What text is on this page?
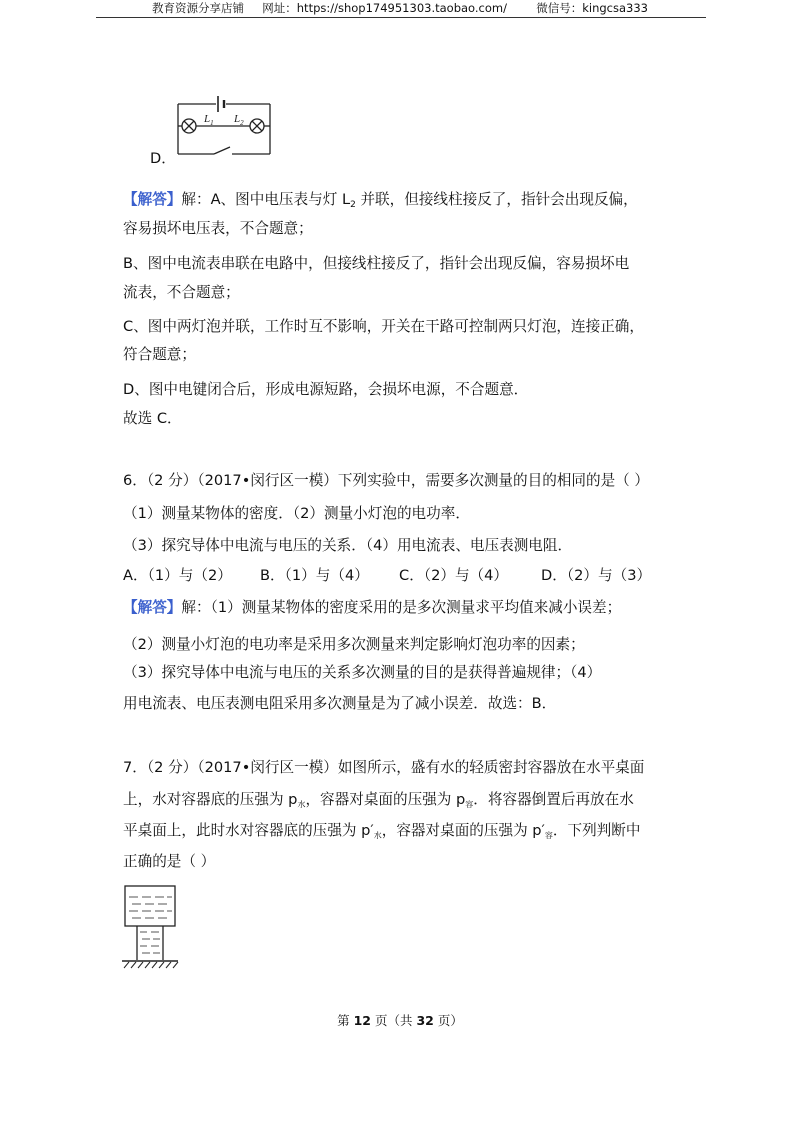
教育资源分享店铺 网址：https://shop174951303.taobao.com/	微信号：kingcsa333
D．
$L_1$ $L_2$
【解答】解：A、图中电压表与灯 $L_2$ 并联，但接线柱接反了，指针会出现反偏，
容易损坏电压表，不合题意；
B、图中电流表串联在电路中，但接线柱接反了，指针会出现反偏，容易损坏电
流表，不合题意；
C、图中两灯泡并联，工作时互不影响，开关在干路可控制两只灯泡，连接正确，
符合题意；
D、图中电键闭合后，形成电源短路，会损坏电源，不合题意．
故选 C．
6．（2 分）（2017•闵行区一模）下列实验中，需要多次测量的目的相同的是（ ）
（1）测量某物体的密度．（2）测量小灯泡的电功率．
（3）探究导体中电流与电压的关系．（4）用电流表、电压表测电阻．
A．（1）与（2） B．（1）与（4） C．（2）与（4） D．（2）与（3）
【解答】解：（1）测量某物体的密度采用的是多次测量求平均值来减小误差；
（2）测量小灯泡的电功率是采用多次测量来判定影响灯泡功率的因素；
（3）探究导体中电流与电压的关系多次测量的目的是获得普遍规律；（4）
用电流表、电压表测电阻采用多次测量是为了减小误差．故选：B．
7．（2 分）（2017•闵行区一模）如图所示，盛有水的轻质密封容器放在水平桌面
上，水对容器底的压强为 $p_水$，容器对桌面的压强为 $p_容$．将容器倒置后再放在水
平桌面上，此时水对容器底的压强为 $p'_水$，容器对桌面的压强为 $p'_容$．下列判断中
正确的是（ ）
第 12 页（共 32 页）
